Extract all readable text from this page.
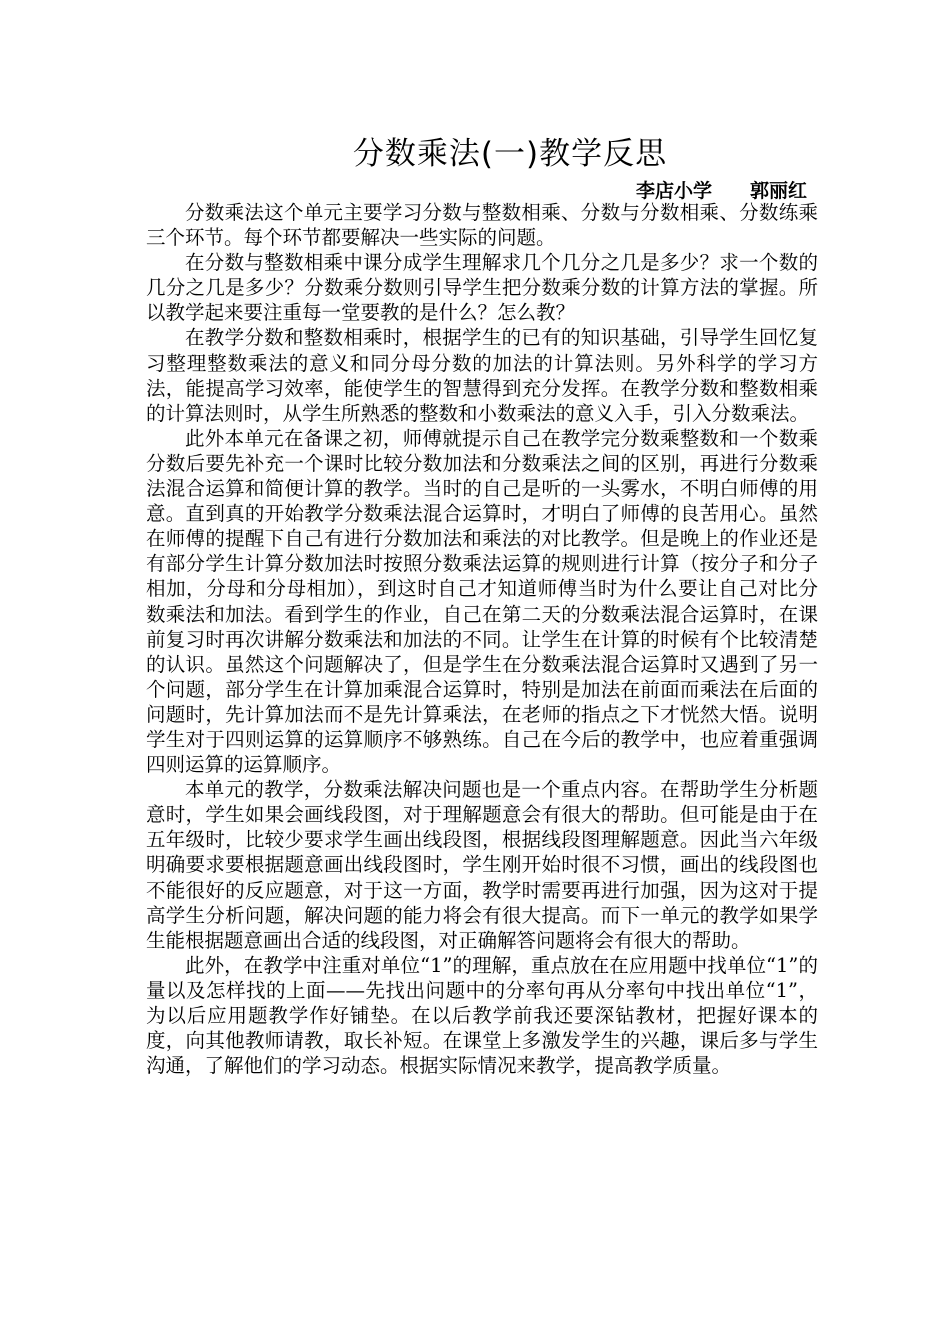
分数乘法(一)教学反思
李店小学　　郭丽红

分数乘法这个单元主要学习分数与整数相乘、分数与分数相乘、分数练乘三个环节。每个环节都要解决一些实际的问题。

在分数与整数相乘中课分成学生理解求几个几分之几是多少？求一个数的几分之几是多少？分数乘分数则引导学生把分数乘分数的计算方法的掌握。所以教学起来要注重每一堂要教的是什么？怎么教？

在教学分数和整数相乘时，根据学生的已有的知识基础，引导学生回忆复习整理整数乘法的意义和同分母分数的加法的计算法则。另外科学的学习方法，能提高学习效率，能使学生的智慧得到充分发挥。在教学分数和整数相乘的计算法则时，从学生所熟悉的整数和小数乘法的意义入手，引入分数乘法。

此外本单元在备课之初，师傅就提示自己在教学完分数乘整数和一个数乘分数后要先补充一个课时比较分数加法和分数乘法之间的区别，再进行分数乘法混合运算和简便计算的教学。当时的自己是听的一头雾水，不明白师傅的用意。直到真的开始教学分数乘法混合运算时，才明白了师傅的良苦用心。虽然在师傅的提醒下自己有进行分数加法和乘法的对比教学。但是晚上的作业还是有部分学生计算分数加法时按照分数乘法运算的规则进行计算（按分子和分子相加，分母和分母相加），到这时自己才知道师傅当时为什么要让自己对比分数乘法和加法。看到学生的作业，自己在第二天的分数乘法混合运算时，在课前复习时再次讲解分数乘法和加法的不同。让学生在计算的时候有个比较清楚的认识。虽然这个问题解决了，但是学生在分数乘法混合运算时又遇到了另一个问题，部分学生在计算加乘混合运算时，特别是加法在前面而乘法在后面的问题时，先计算加法而不是先计算乘法，在老师的指点之下才恍然大悟。说明学生对于四则运算的运算顺序不够熟练。自己在今后的教学中，也应着重强调四则运算的运算顺序。

本单元的教学，分数乘法解决问题也是一个重点内容。在帮助学生分析题意时，学生如果会画线段图，对于理解题意会有很大的帮助。但可能是由于在五年级时，比较少要求学生画出线段图，根据线段图理解题意。因此当六年级明确要求要根据题意画出线段图时，学生刚开始时很不习惯，画出的线段图也不能很好的反应题意，对于这一方面，教学时需要再进行加强，因为这对于提高学生分析问题，解决问题的能力将会有很大提高。而下一单元的教学如果学生能根据题意画出合适的线段图，对正确解答问题将会有很大的帮助。

此外，在教学中注重对单位“1”的理解，重点放在在应用题中找单位“1”的量以及怎样找的上面——先找出问题中的分率句再从分率句中找出单位“1”，为以后应用题教学作好铺垫。在以后教学前我还要深钻教材，把握好课本的度，向其他教师请教，取长补短。在课堂上多激发学生的兴趣，课后多与学生沟通，了解他们的学习动态。根据实际情况来教学，提高教学质量。
